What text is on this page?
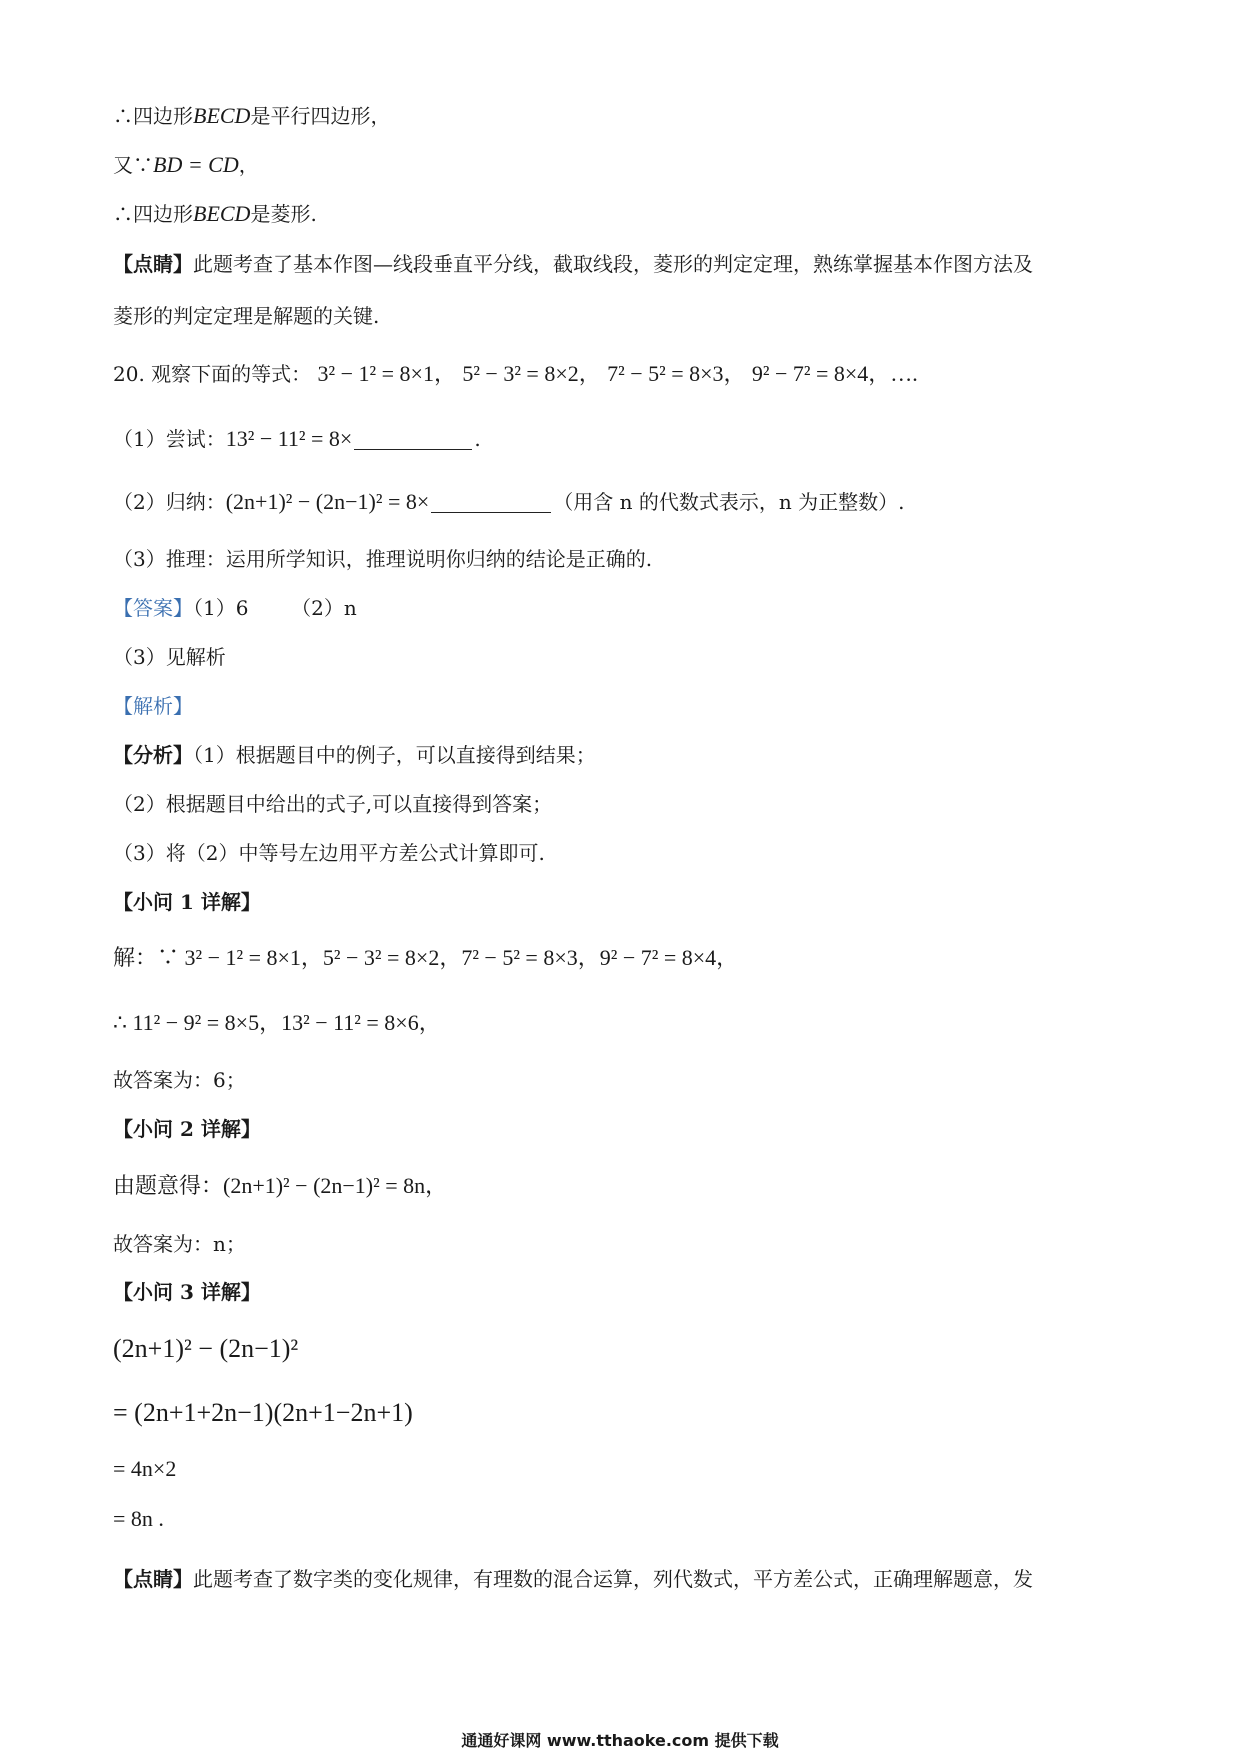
∴四边形BECD是平行四边形，
又∵BD = CD，
∴四边形BECD是菱形.
【点睛】此题考查了基本作图—线段垂直平分线，截取线段，菱形的判定定理，熟练掌握基本作图方法及
菱形的判定定理是解题的关键.
20. 观察下面的等式： 3² − 1² = 8×1， 5² − 3² = 8×2， 7² − 5² = 8×3， 9² − 7² = 8×4，….
（1）尝试：13² − 11² = 8×	.
（2）归纳：(2n+1)² − (2n−1)² = 8×	（用含 n 的代数式表示，n 为正整数）.
（3）推理：运用所学知识，推理说明你归纳的结论是正确的.
【答案】（1）6 （2）n
（3）见解析
【解析】
【分析】（1）根据题目中的例子，可以直接得到结果；
（2）根据题目中给出的式子,可以直接得到答案；
（3）将（2）中等号左边用平方差公式计算即可.
【小问 1 详解】
解：∵ 3² − 1² = 8×1，5² − 3² = 8×2，7² − 5² = 8×3，9² − 7² = 8×4，
∴ 11² − 9² = 8×5，13² − 11² = 8×6，
故答案为：6；
【小问 2 详解】
由题意得：(2n+1)² − (2n−1)² = 8n，
故答案为：n；
【小问 3 详解】
(2n+1)² − (2n−1)²
= (2n+1+2n−1)(2n+1−2n+1)
= 4n×2
= 8n .
【点睛】此题考查了数字类的变化规律，有理数的混合运算，列代数式，平方差公式，正确理解题意，发
通通好课网 www.tthaoke.com 提供下载
